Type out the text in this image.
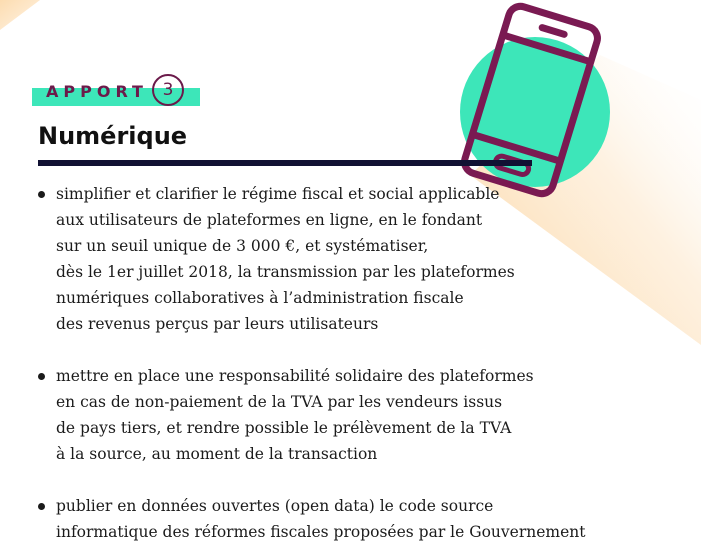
APPORT 3
Numérique
simplifier et clarifier le régime fiscal et social applicable
aux utilisateurs de plateformes en ligne, en le fondant
sur un seuil unique de 3 000 €, et systématiser,
dès le 1er juillet 2018, la transmission par les plateformes
numériques collaboratives à l’administration fiscale
des revenus perçus par leurs utilisateurs
mettre en place une responsabilité solidaire des plateformes
en cas de non-paiement de la TVA par les vendeurs issus
de pays tiers, et rendre possible le prélèvement de la TVA
à la source, au moment de la transaction
publier en données ouvertes (open data) le code source
informatique des réformes fiscales proposées par le Gouvernement
